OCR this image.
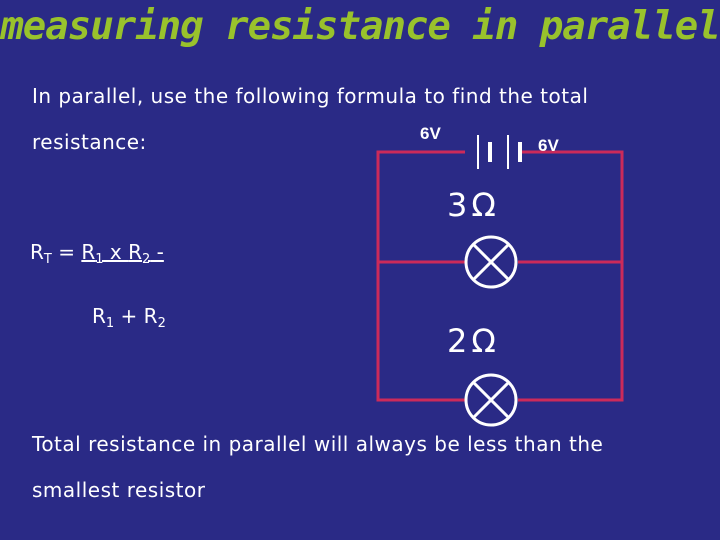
measuring resistance in parallel
In parallel, use the following formula to find the total
resistance:
$R_T = R_1$ x $R_2$ -
$R_1 + R_2$
6V
6V
3Ω
2Ω
Total resistance in parallel will always be less than the
smallest resistor
